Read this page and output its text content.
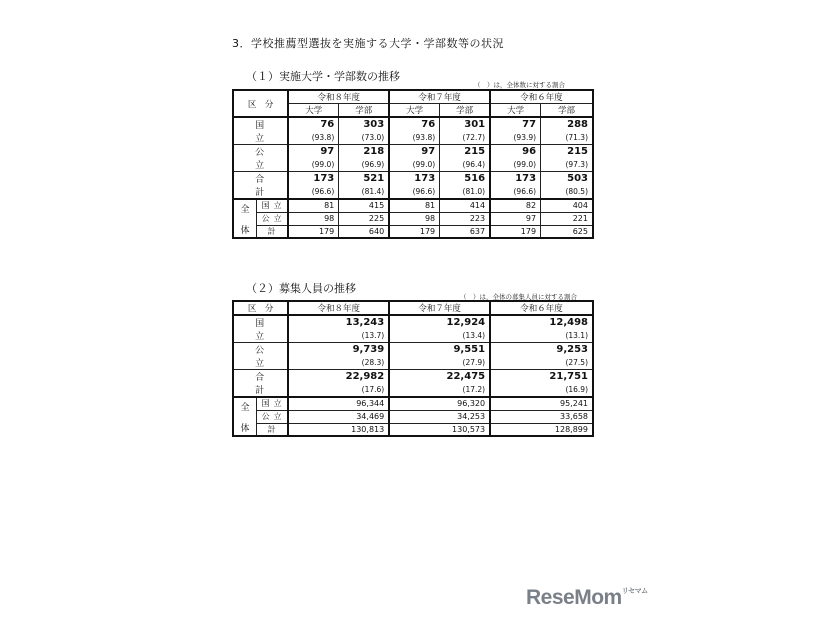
3．学校推薦型選抜を実施する大学・学部数等の状況
（１）実施大学・学部数の推移
（　）は，全体数に対する割合
区　分		令和８年度		令和７年度		令和６年度	
		大学	学部	大学	学部	大学	学部
国　立		76	303	76	301	77	288
		(93.8)	(73.0)	(93.8)	(72.7)	(93.9)	(71.3)
公　立		97	218	97	215	96	215
		(99.0)	(96.9)	(99.0)	(96.4)	(99.0)	(97.3)
合　計		173	521	173	516	173	503
		(96.6)	(81.4)	(96.6)	(81.0)	(96.6)	(80.5)

全
体	国立	81	415	81	414	82	404
	公立	98	225	98	223	97	221
	計	179	640	179	637	179	625
（２）募集人員の推移
（　）は，全体の募集人員に対する割合
区　分		令和８年度	令和７年度	令和６年度
国　立		13,243	12,924	12,498
		(13.7)	(13.4)	(13.1)
公　立		9,739	9,551	9,253
		(28.3)	(27.9)	(27.5)
合　計		22,982	22,475	21,751
		(17.6)	(17.2)	(16.9)

全
体	国立	96,344	96,320	95,241
	公立	34,469	34,253	33,658
	計	130,813	130,573	128,899
ReseMom$^{リセマム}$
